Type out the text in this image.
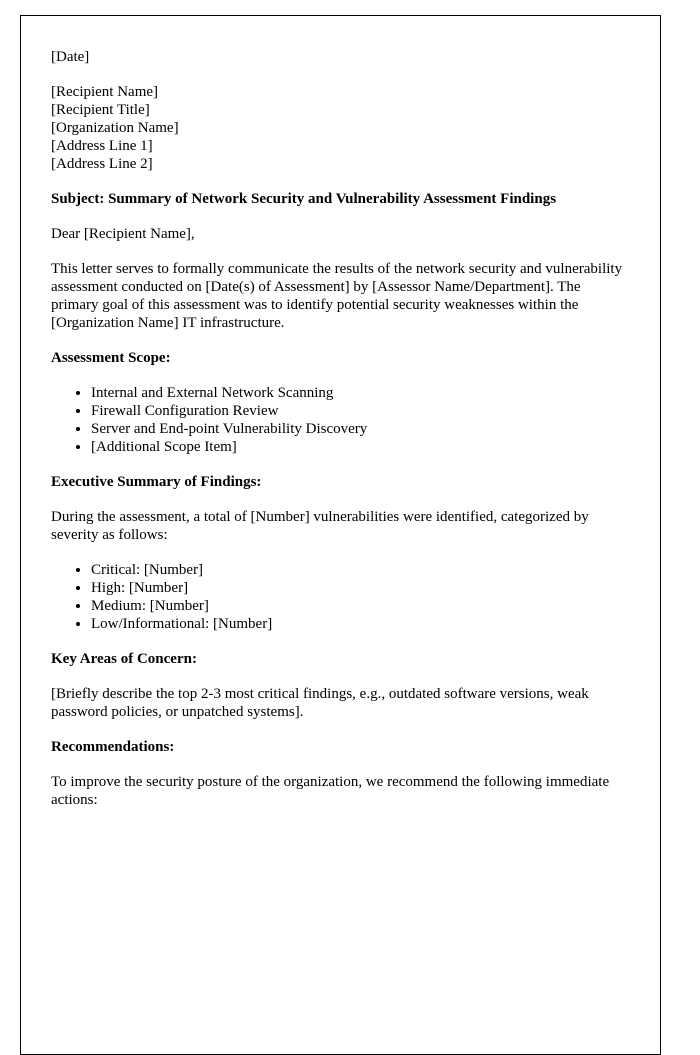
[Date]

[Recipient Name]

[Recipient Title]

[Organization Name]

[Address Line 1]

[Address Line 2]

Subject: Summary of Network Security and Vulnerability Assessment Findings

Dear [Recipient Name],

This letter serves to formally communicate the results of the network security and vulnerability assessment conducted on [Date(s) of Assessment] by [Assessor Name/Department]. The primary goal of this assessment was to identify potential security weaknesses within the [Organization Name] IT infrastructure.

Assessment Scope:

• Internal and External Network Scanning
• Firewall Configuration Review
• Server and End-point Vulnerability Discovery
• [Additional Scope Item]

Executive Summary of Findings:

During the assessment, a total of [Number] vulnerabilities were identified, categorized by severity as follows:

• Critical: [Number]
• High: [Number]
• Medium: [Number]
• Low/Informational: [Number]

Key Areas of Concern:

[Briefly describe the top 2-3 most critical findings, e.g., outdated software versions, weak password policies, or unpatched systems].

Recommendations:

To improve the security posture of the organization, we recommend the following immediate actions:
